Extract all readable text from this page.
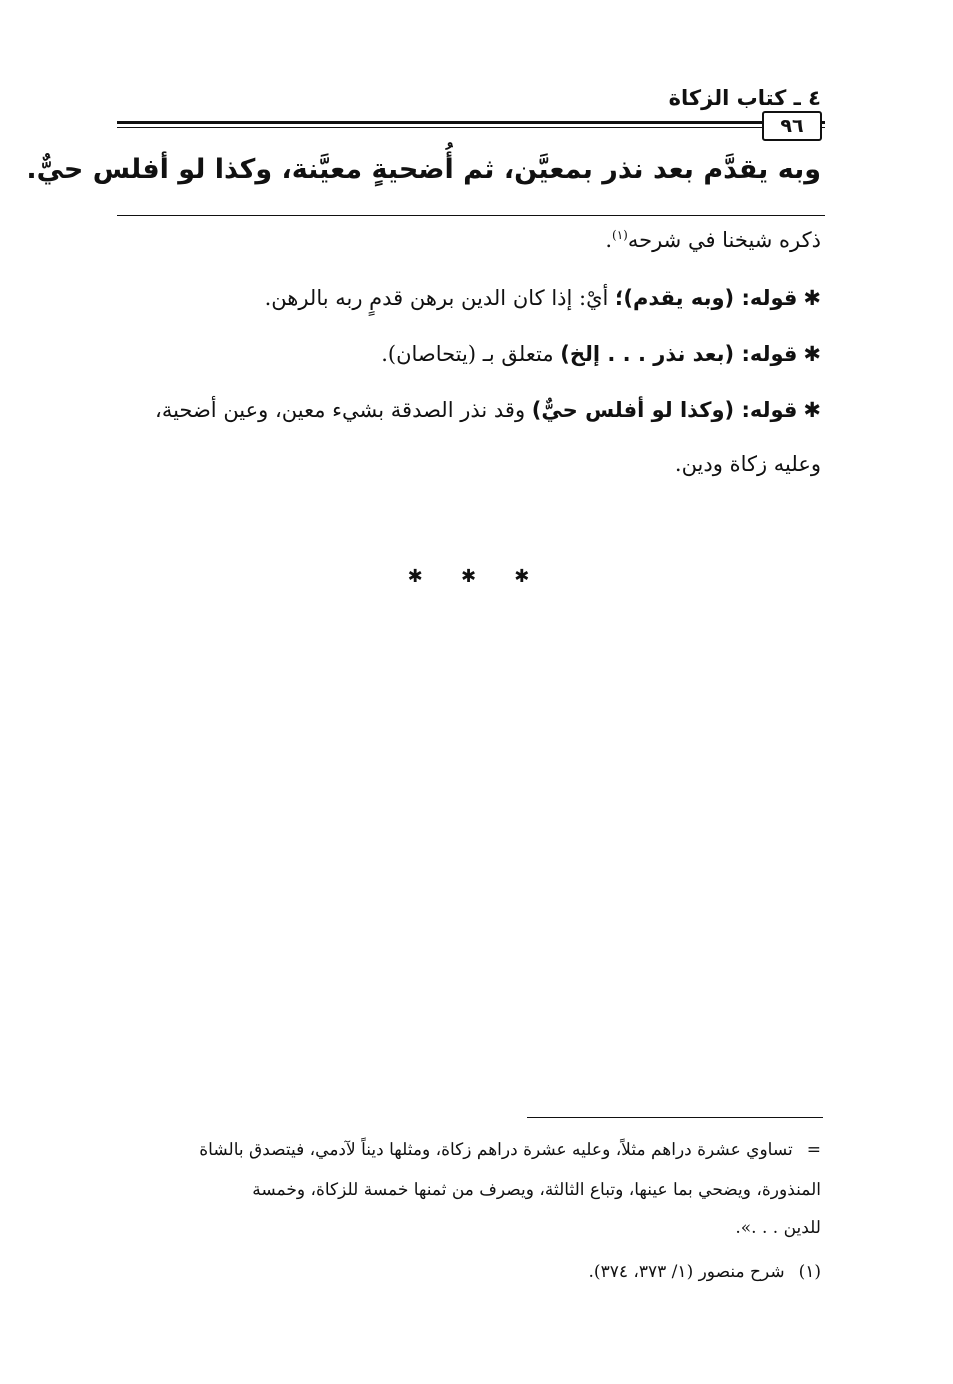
٤ ـ كتاب الزكاة
٩٦
وبه يقدَّم بعد نذر بمعيَّن، ثم أُضحيةٍ معيَّنة، وكذا لو أفلس حيٌّ.
ذكره شيخنا في شرحه$^{(١)}$.
✱قوله: (وبه يقدم)؛ أيْ: إذا كان الدين برهن قدمٍ ربه بالرهن.
✱قوله: (بعد نذر . . . إلخ) متعلق بـ (يتحاصان).
✱قوله: (وكذا لو أفلس حيٌّ) وقد نذر الصدقة بشيء معين، وعين أضحية،
وعليه زكاة ودين.
✱ ✱ ✱
=تساوي عشرة دراهم مثلاً، وعليه عشرة دراهم زكاة، ومثلها ديناً لآدمي، فيتصدق بالشاة
المنذورة، ويضحي بما عينها، وتباع الثالثة، ويصرف من ثمنها خمسة للزكاة، وخمسة
للدين . . .».
(١)شرح منصور (١/ ٣٧٣، ٣٧٤).
